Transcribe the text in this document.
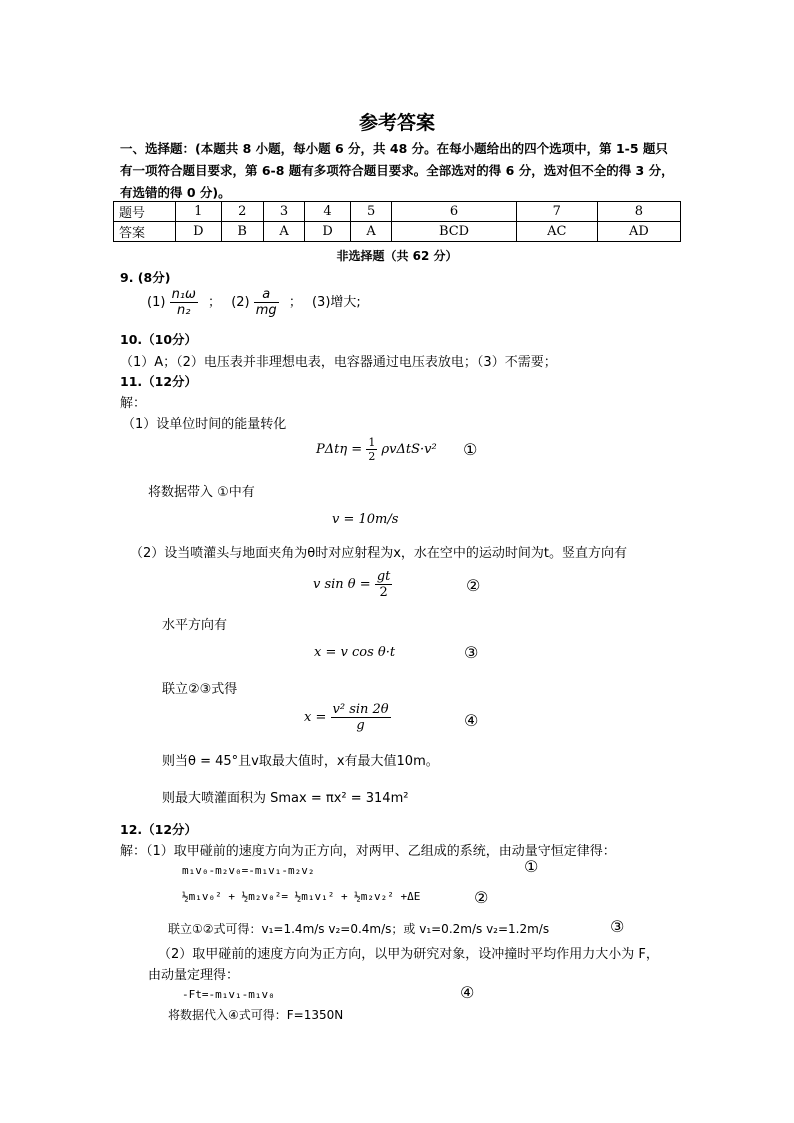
参考答案
一、选择题：(本题共 8 小题，每小题 6 分，共 48 分。在每小题给出的四个选项中，第 1-5 题只有一项符合题目要求，第 6-8 题有多项符合题目要求。全部选对的得 6 分，选对但不全的得 3 分，有选错的得 0 分)。
题号	1	2	3	4	5	6	7	8
答案	D	B	A	D	A	BCD	AC	AD
非选择题（共 62 分）
9. (8分)
$(1) \frac{\text{n₁ω}}{\text{n₂}}$ ； $(2) \frac{a}{mg}$ ； (3)增大;
10.（10分）
（1）A；（2）电压表并非理想电表，电容器通过电压表放电；（3）不需要；
11.（12分）
解：
（1）设单位时间的能量转化
$P\Delta t\eta = \frac{1}{2} \rho v\Delta tS\cdot v^2$ ①
将数据带入 ①中有
v = 10m/s
（2）设当喷灌头与地面夹角为θ时对应射程为x，水在空中的运动时间为t。竖直方向有
v $\sin \theta = \frac{gt}{2}$	②
水平方向有
x = v cos θ·t	③
联立②③式得
$x = \frac{\text{v² sin 2θ}}{g}$	④
则当θ = 45°且v取最大值时，x有最大值10m。
则最大喷灌面积为 Smax = πx² = 314m²
12.（12分）
解：（1）取甲碰前的速度方向为正方向，对两甲、乙组成的系统，由动量守恒定律得：
m₁v₀-m₂v₀=-m₁v₁-m₂v₂	①
½m₁v₀² + ½m₂v₀²= ½m₁v₁² + ½m₂v₂² +ΔE	②
联立①②式可得：v₁=1.4m/s v₂=0.4m/s；或 v₁=0.2m/s v₂=1.2m/s	③
（2）取甲碰前的速度方向为正方向，以甲为研究对象，设冲撞时平均作用力大小为 F，
由动量定理得：
-Ft=-m₁v₁-m₁v₀	④
将数据代入④式可得：F=1350N
